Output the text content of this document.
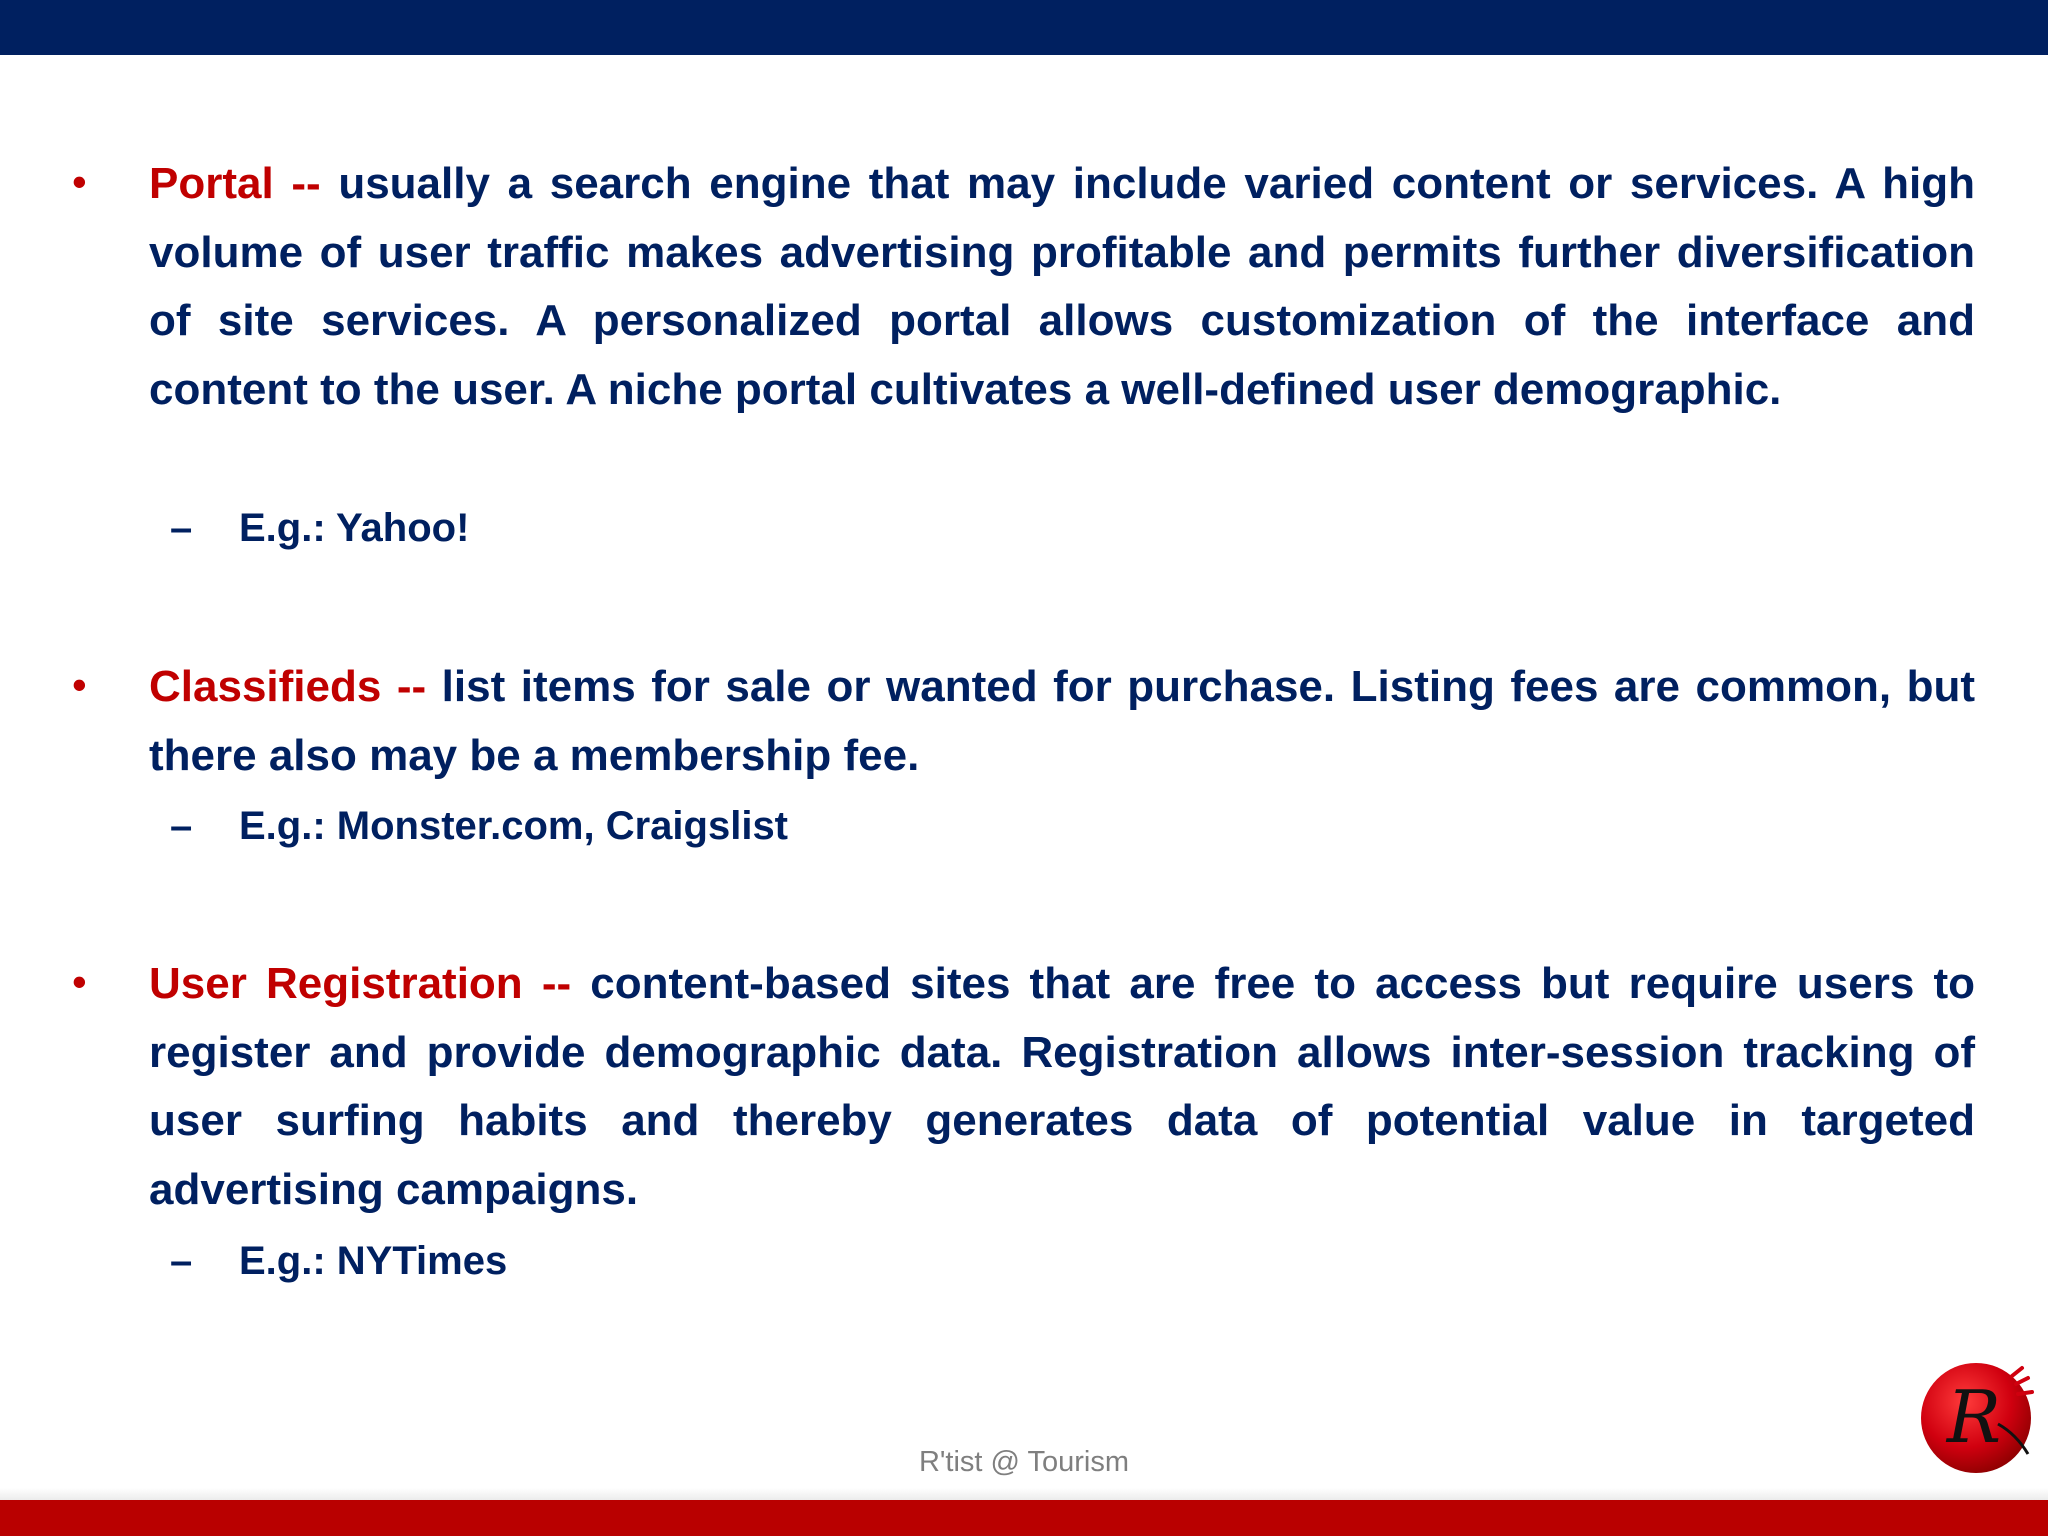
• Portal -- usually a search engine that may include varied content or services. A high volume of user traffic makes advertising profitable and permits further diversification of site services. A personalized portal allows customization of the interface and content to the user. A niche portal cultivates a well-defined user demographic.

– E.g.: Yahoo!
• Classifieds -- list items for sale or wanted for purchase. Listing fees are common, but there also may be a membership fee.

– E.g.: Monster.com, Craigslist
• User Registration -- content-based sites that are free to access but require users to register and provide demographic data. Registration allows inter-session tracking of user surfing habits and thereby generates data of potential value in targeted advertising campaigns.

– E.g.: NYTimes
R'tist @ Tourism
R
